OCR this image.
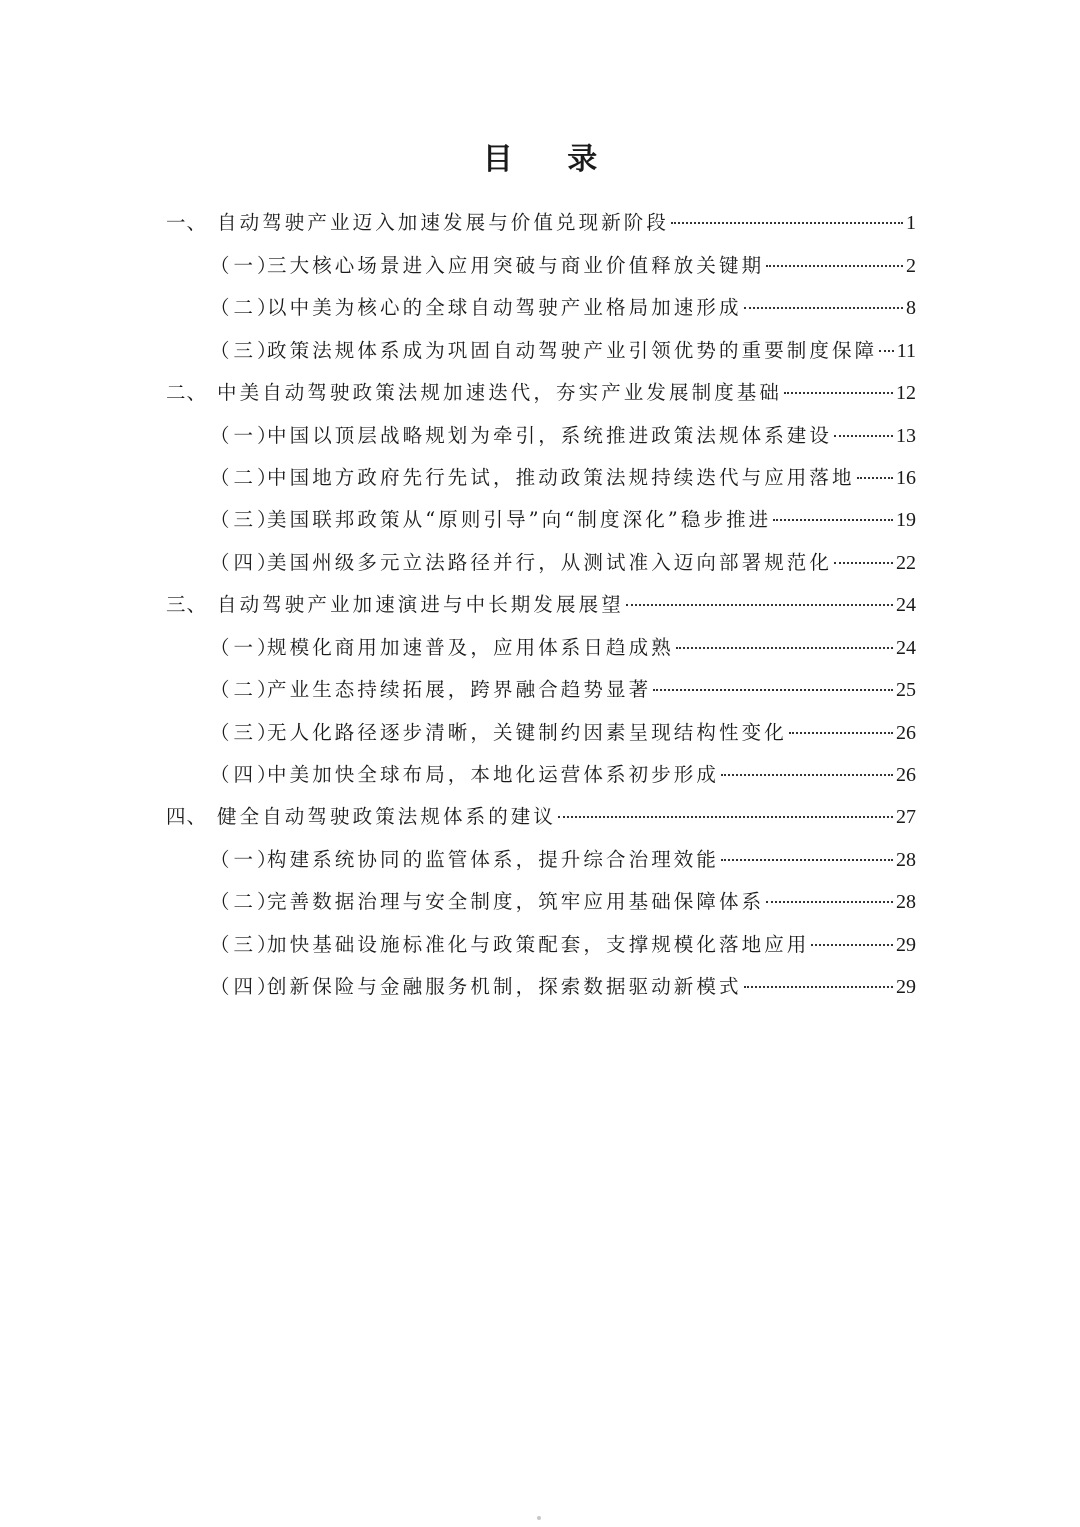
目 录
一、 自动驾驶产业迈入加速发展与价值兑现新阶段	1
（一）
三大核心场景进入应用突破与商业价值释放关键期	2
（二）
以中美为核心的全球自动驾驶产业格局加速形成	8
（三）
政策法规体系成为巩固自动驾驶产业引领优势的重要制度保障 11
二、 中美自动驾驶政策法规加速迭代，夯实产业发展制度基础	12
（一）
中国以顶层战略规划为牵引，系统推进政策法规体系建设	13
（二）
中国地方政府先行先试，推动政策法规持续迭代与应用落地 16
（三）
美国联邦政策从“原则引导”向“制度深化”稳步推进	19
（四）
美国州级多元立法路径并行，从测试准入迈向部署规范化	22
三、 自动驾驶产业加速演进与中长期发展展望	24
（一）
规模化商用加速普及，应用体系日趋成熟	24
（二）
产业生态持续拓展，跨界融合趋势显著	25
（三）
无人化路径逐步清晰，关键制约因素呈现结构性变化	26
（四）
中美加快全球布局，本地化运营体系初步形成	26
四、 健全自动驾驶政策法规体系的建议	27
（一）
构建系统协同的监管体系，提升综合治理效能	28
（二）
完善数据治理与安全制度，筑牢应用基础保障体系	28
（三）
加快基础设施标准化与政策配套，支撑规模化落地应用	29
（四）
创新保险与金融服务机制，探索数据驱动新模式	29
